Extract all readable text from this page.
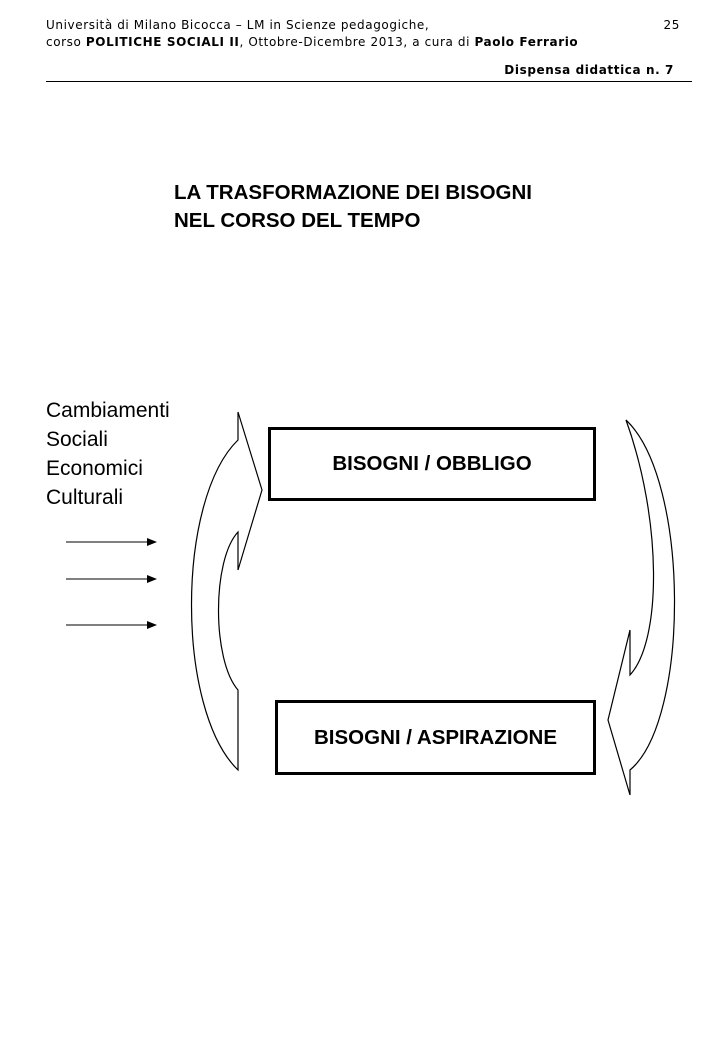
Università di Milano Bicocca – LM in Scienze pedagogiche,
corso POLITICHE SOCIALI II, Ottobre-Dicembre 2013, a cura di Paolo Ferrario
25
Dispensa didattica n. 7
LA TRASFORMAZIONE DEI BISOGNI
NEL CORSO DEL TEMPO
Cambiamenti
Sociali
Economici
Culturali
BISOGNI / OBBLIGO
BISOGNI / ASPIRAZIONE
